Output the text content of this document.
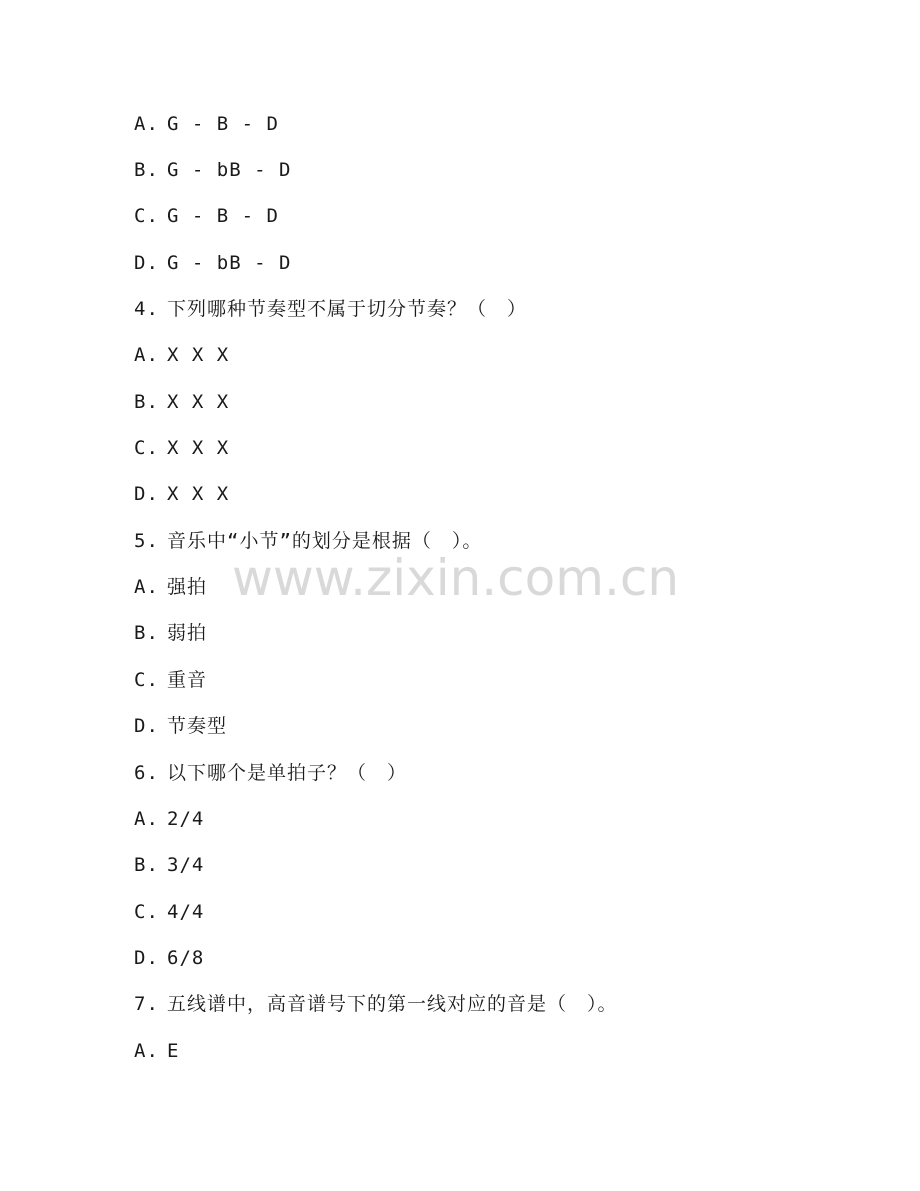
A. G - B - D
B. G - bB - D
C. G - B - D
D. G - bB - D
4. 下列哪种节奏型不属于切分节奏？（　）
A. X X X
B. X X X
C. X X X
D. X X X
5. 音乐中“小节”的划分是根据（　）。
A. 强拍
B. 弱拍
C. 重音
D. 节奏型
6. 以下哪个是单拍子？（　）
A. 2/4
B. 3/4
C. 4/4
D. 6/8
7. 五线谱中，高音谱号下的第一线对应的音是（　）。
A. E
www.zixin.com.cn
